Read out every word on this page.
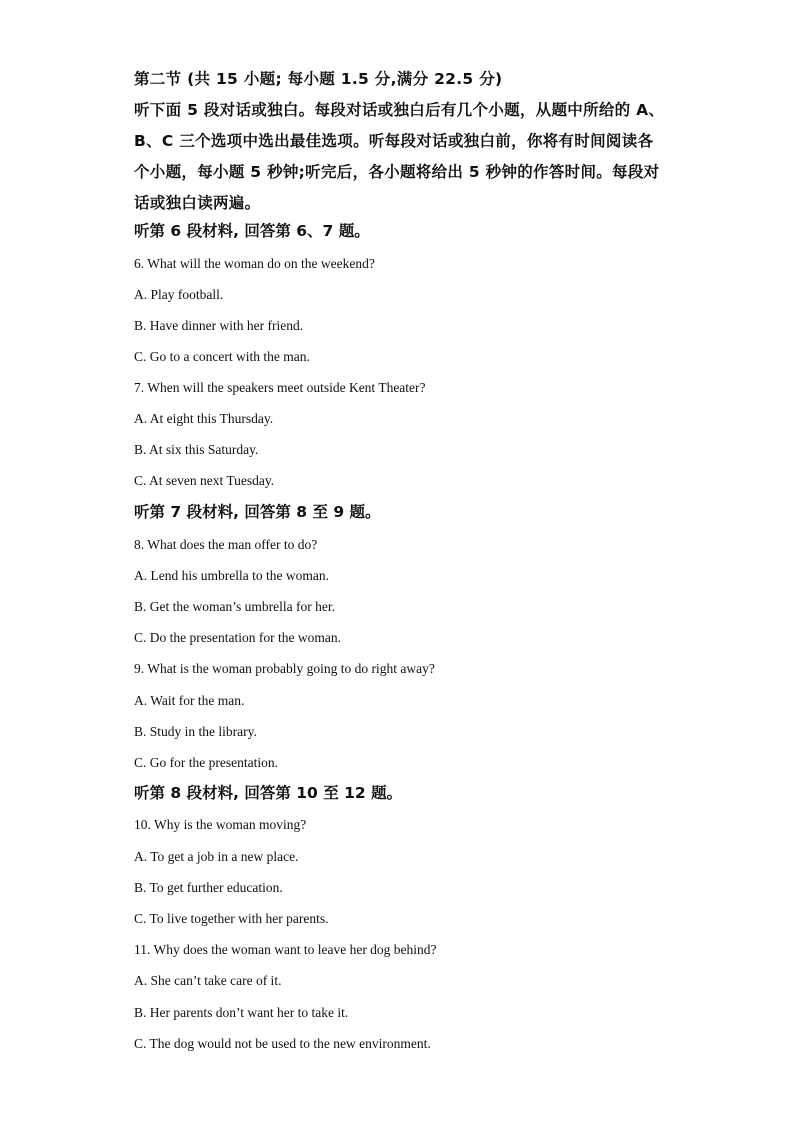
第二节 (共 15 小题; 每小题 1.5 分,满分 22.5 分)

听下面 5 段对话或独白。每段对话或独白后有几个小题，从题中所给的 A、

B、C 三个选项中选出最佳选项。听每段对话或独白前，你将有时间阅读各

个小题，每小题 5 秒钟;听完后，各小题将给出 5 秒钟的作答时间。每段对

话或独白读两遍。

听第 6 段材料, 回答第 6、7 题。

6. What will the woman do on the weekend?

A. Play football.

B. Have dinner with her friend.

C. Go to a concert with the man.

7. When will the speakers meet outside Kent Theater?

A. At eight this Thursday.

B. At six this Saturday.

C. At seven next Tuesday.

听第 7 段材料, 回答第 8 至 9 题。

8. What does the man offer to do?

A. Lend his umbrella to the woman.

B. Get the woman’s umbrella for her.

C. Do the presentation for the woman.

9. What is the woman probably going to do right away?

A. Wait for the man.

B. Study in the library.

C. Go for the presentation.

听第 8 段材料, 回答第 10 至 12 题。

10. Why is the woman moving?

A. To get a job in a new place.

B. To get further education.

C. To live together with her parents.

11. Why does the woman want to leave her dog behind?

A. She can’t take care of it.

B. Her parents don’t want her to take it.

C. The dog would not be used to the new environment.
